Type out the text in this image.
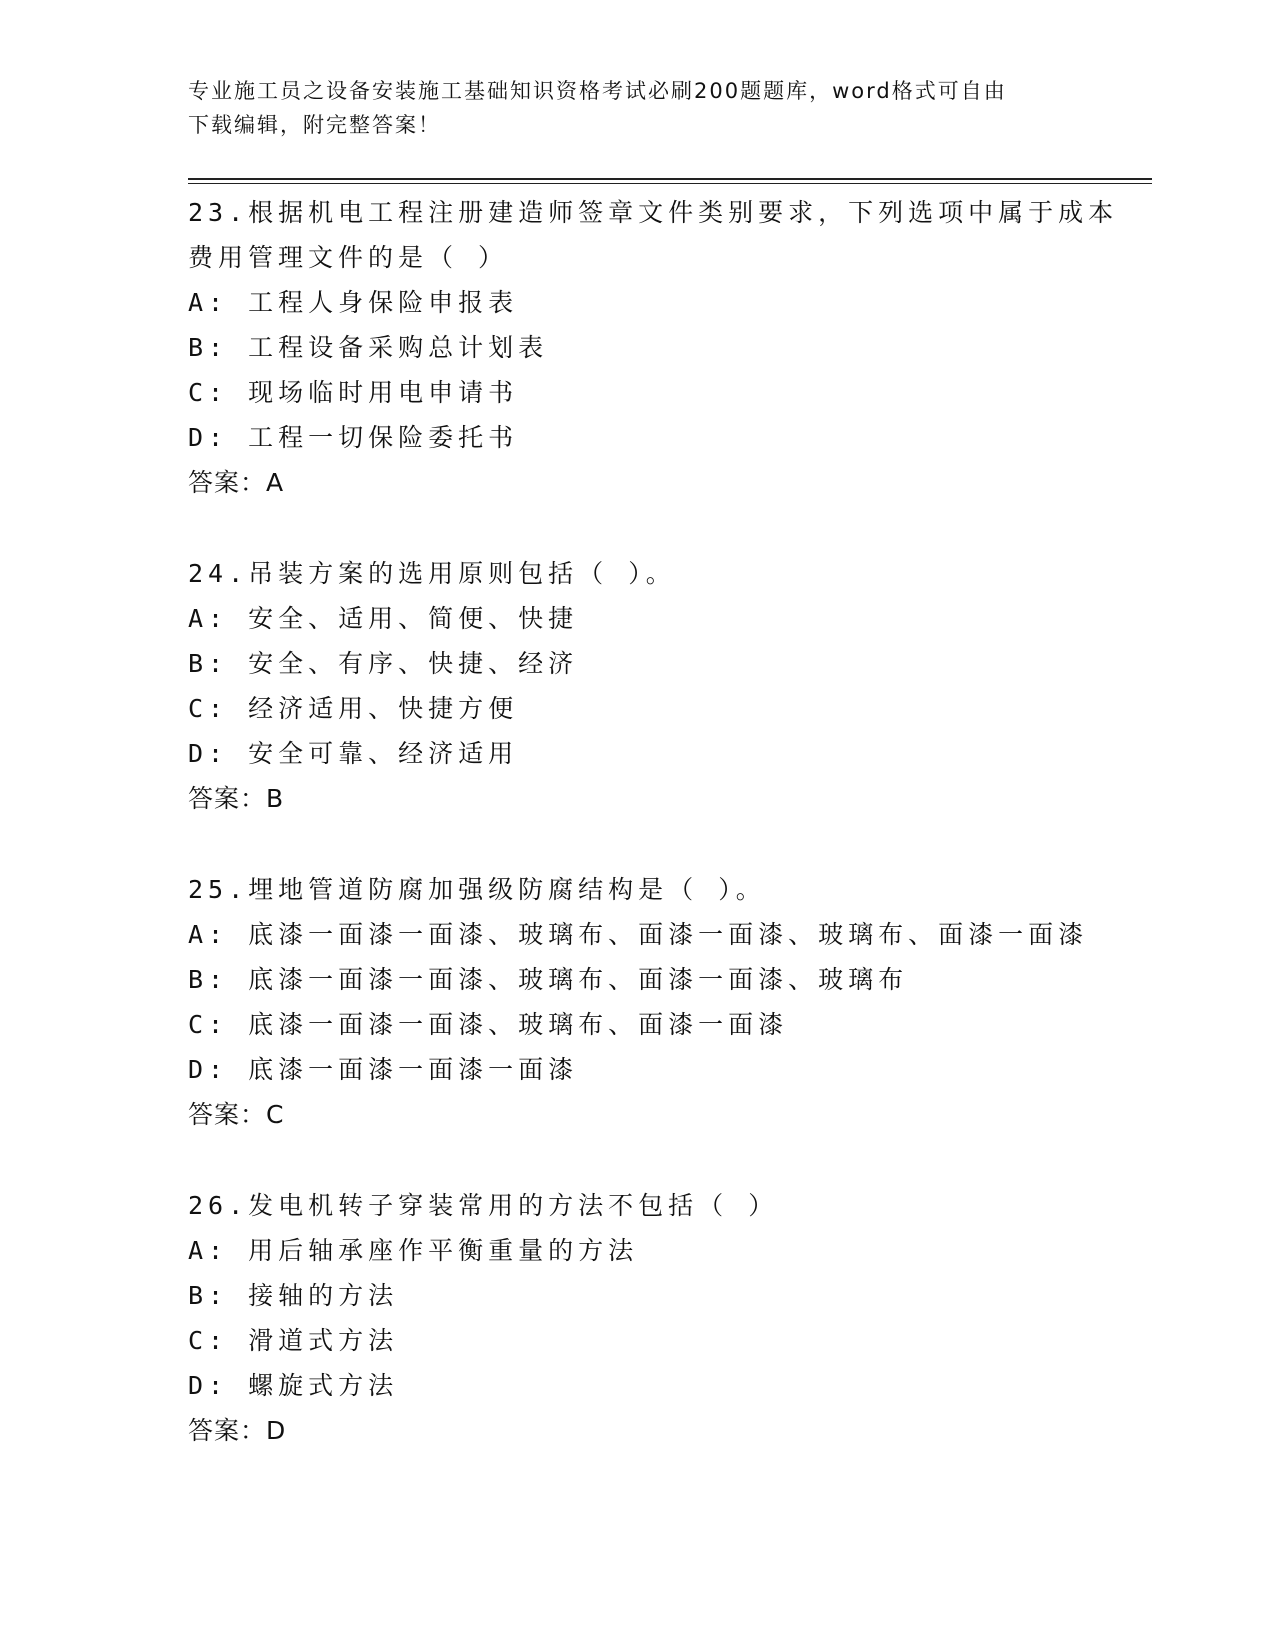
专业施工员之设备安装施工基础知识资格考试必刷200题题库，word格式可自由
下载编辑，附完整答案！
23.根据机电工程注册建造师签章文件类别要求，下列选项中属于成本
费用管理文件的是（ ）
A: 工程人身保险申报表
B: 工程设备采购总计划表
C: 现场临时用电申请书
D: 工程一切保险委托书
答案：A
24.吊装方案的选用原则包括（ ）。
A: 安全、适用、简便、快捷
B: 安全、有序、快捷、经济
C: 经济适用、快捷方便
D: 安全可靠、经济适用
答案：B
25.埋地管道防腐加强级防腐结构是（ ）。
A: 底漆一面漆一面漆、玻璃布、面漆一面漆、玻璃布、面漆一面漆
B: 底漆一面漆一面漆、玻璃布、面漆一面漆、玻璃布
C: 底漆一面漆一面漆、玻璃布、面漆一面漆
D: 底漆一面漆一面漆一面漆
答案：C
26.发电机转子穿装常用的方法不包括（ ）
A: 用后轴承座作平衡重量的方法
B: 接轴的方法
C: 滑道式方法
D: 螺旋式方法
答案：D
